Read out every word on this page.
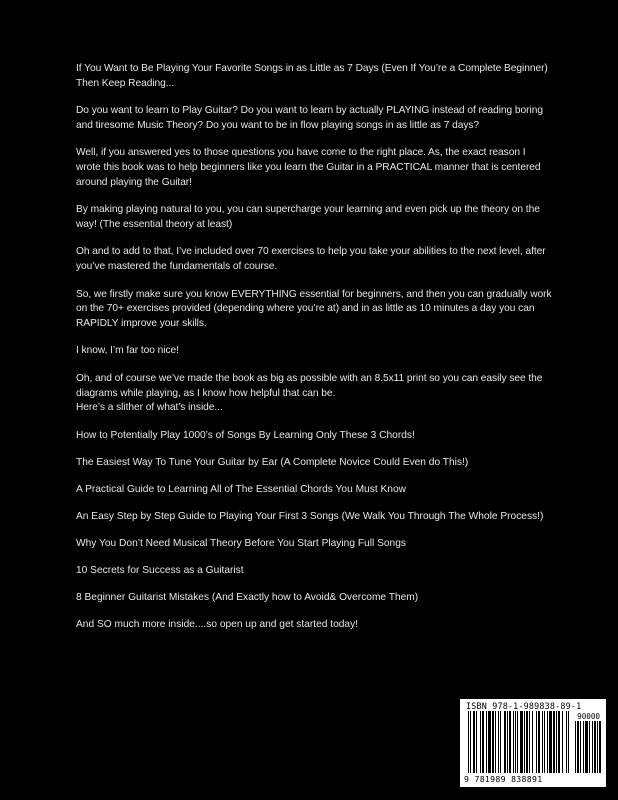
If You Want to Be Playing Your Favorite Songs in as Little as 7 Days (Even If You’re a Complete Beginner) Then Keep Reading...

Do you want to learn to Play Guitar? Do you want to learn by actually PLAYING instead of reading boring and tiresome Music Theory? Do you want to be in flow playing songs in as little as 7 days?

Well, if you answered yes to those questions you have come to the right place. As, the exact reason I wrote this book was to help beginners like you learn the Guitar in a PRACTICAL manner that is centered around playing the Guitar!

By making playing natural to you, you can supercharge your learning and even pick up the theory on the way! (The essential theory at least)

Oh and to add to that, I’ve included over 70 exercises to help you take your abilities to the next level, after you’ve mastered the fundamentals of course.

So, we firstly make sure you know EVERYTHING essential for beginners, and then you can gradually work on the 70+ exercises provided (depending where you’re at) and in as little as 10 minutes a day you can RAPIDLY improve your skills.

I know, I’m far too nice!

Oh, and of course we’ve made the book as big as possible with an 8.5x11 print so you can easily see the diagrams while playing, as I know how helpful that can be.

Here’s a slither of what’s inside...

How to Potentially Play 1000’s of Songs By Learning Only These 3 Chords!

The Easiest Way To Tune Your Guitar by Ear (A Complete Novice Could Even do This!)

A Practical Guide to Learning All of The Essential Chords You Must Know

An Easy Step by Step Guide to Playing Your First 3 Songs (We Walk You Through The Whole Process!)

Why You Don’t Need Musical Theory Before You Start Playing Full Songs

10 Secrets for Success as a Guitarist

8 Beginner Guitarist Mistakes (And Exactly how to Avoid& Overcome Them)

And SO much more inside....so open up and get started today!

ISBN 978-1-989838-89-1
90000
9 781989 838891
